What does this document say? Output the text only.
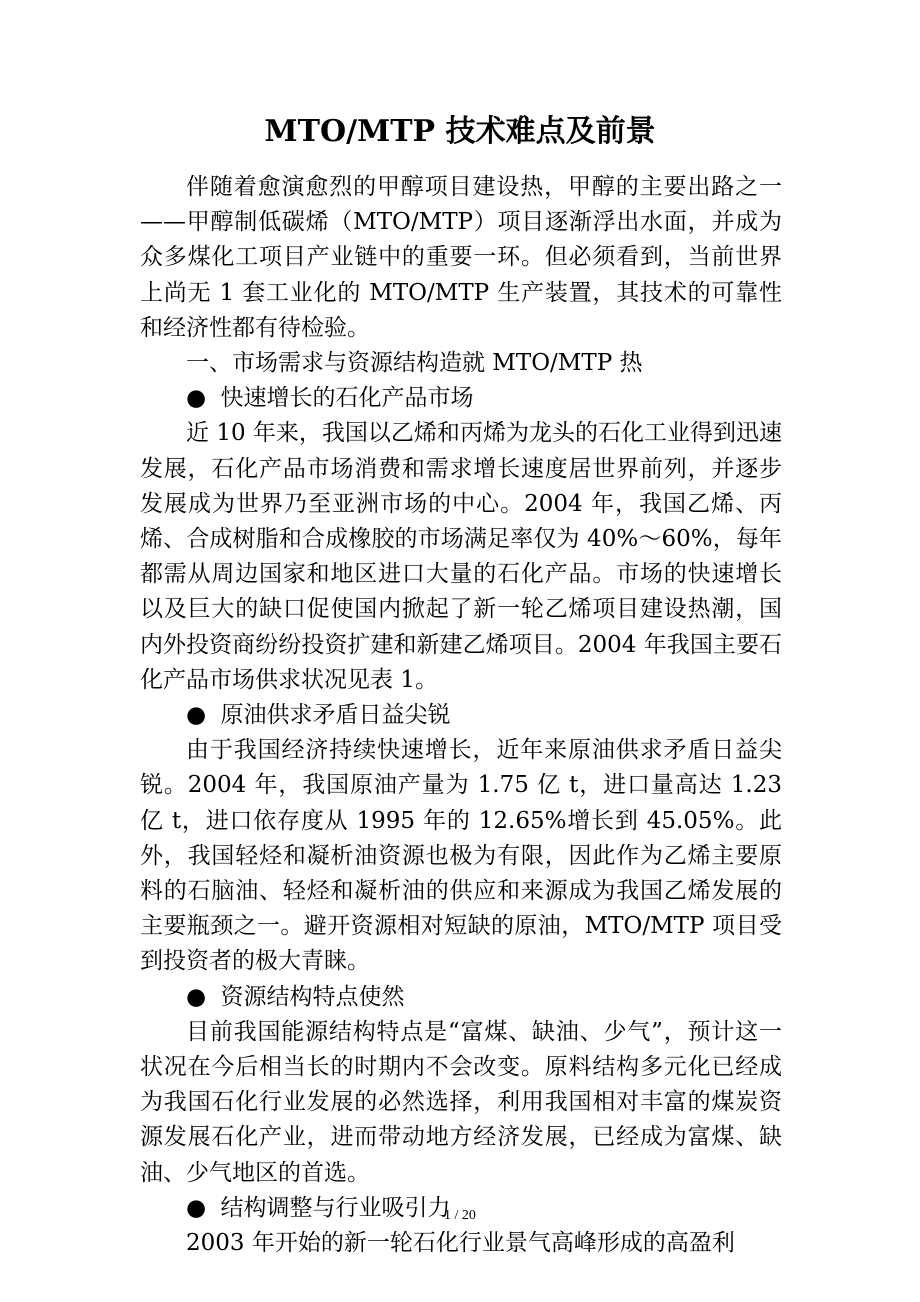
MTO/MTP 技术难点及前景

伴随着愈演愈烈的甲醇项目建设热，甲醇的主要出路之一——甲醇制低碳烯（MTO/MTP）项目逐渐浮出水面，并成为众多煤化工项目产业链中的重要一环。但必须看到，当前世界上尚无 1 套工业化的 MTO/MTP 生产装置，其技术的可靠性和经济性都有待检验。

一、市场需求与资源结构造就 MTO/MTP 热

● 快速增长的石化产品市场

近 10 年来，我国以乙烯和丙烯为龙头的石化工业得到迅速发展，石化产品市场消费和需求增长速度居世界前列，并逐步发展成为世界乃至亚洲市场的中心。2004 年，我国乙烯、丙烯、合成树脂和合成橡胶的市场满足率仅为 40%～60%，每年都需从周边国家和地区进口大量的石化产品。市场的快速增长以及巨大的缺口促使国内掀起了新一轮乙烯项目建设热潮，国内外投资商纷纷投资扩建和新建乙烯项目。2004 年我国主要石化产品市场供求状况见表 1。

● 原油供求矛盾日益尖锐

由于我国经济持续快速增长，近年来原油供求矛盾日益尖锐。2004 年，我国原油产量为 1.75 亿 t，进口量高达 1.23 亿 t，进口依存度从 1995 年的 12.65%增长到 45.05%。此外，我国轻烃和凝析油资源也极为有限，因此作为乙烯主要原料的石脑油、轻烃和凝析油的供应和来源成为我国乙烯发展的主要瓶颈之一。避开资源相对短缺的原油，MTO/MTP 项目受到投资者的极大青睐。

● 资源结构特点使然

目前我国能源结构特点是“富煤、缺油、少气”，预计这一状况在今后相当长的时期内不会改变。原料结构多元化已经成为我国石化行业发展的必然选择，利用我国相对丰富的煤炭资源发展石化产业，进而带动地方经济发展，已经成为富煤、缺油、少气地区的首选。

● 结构调整与行业吸引力

2003 年开始的新一轮石化行业景气高峰形成的高盈利

1 / 20
